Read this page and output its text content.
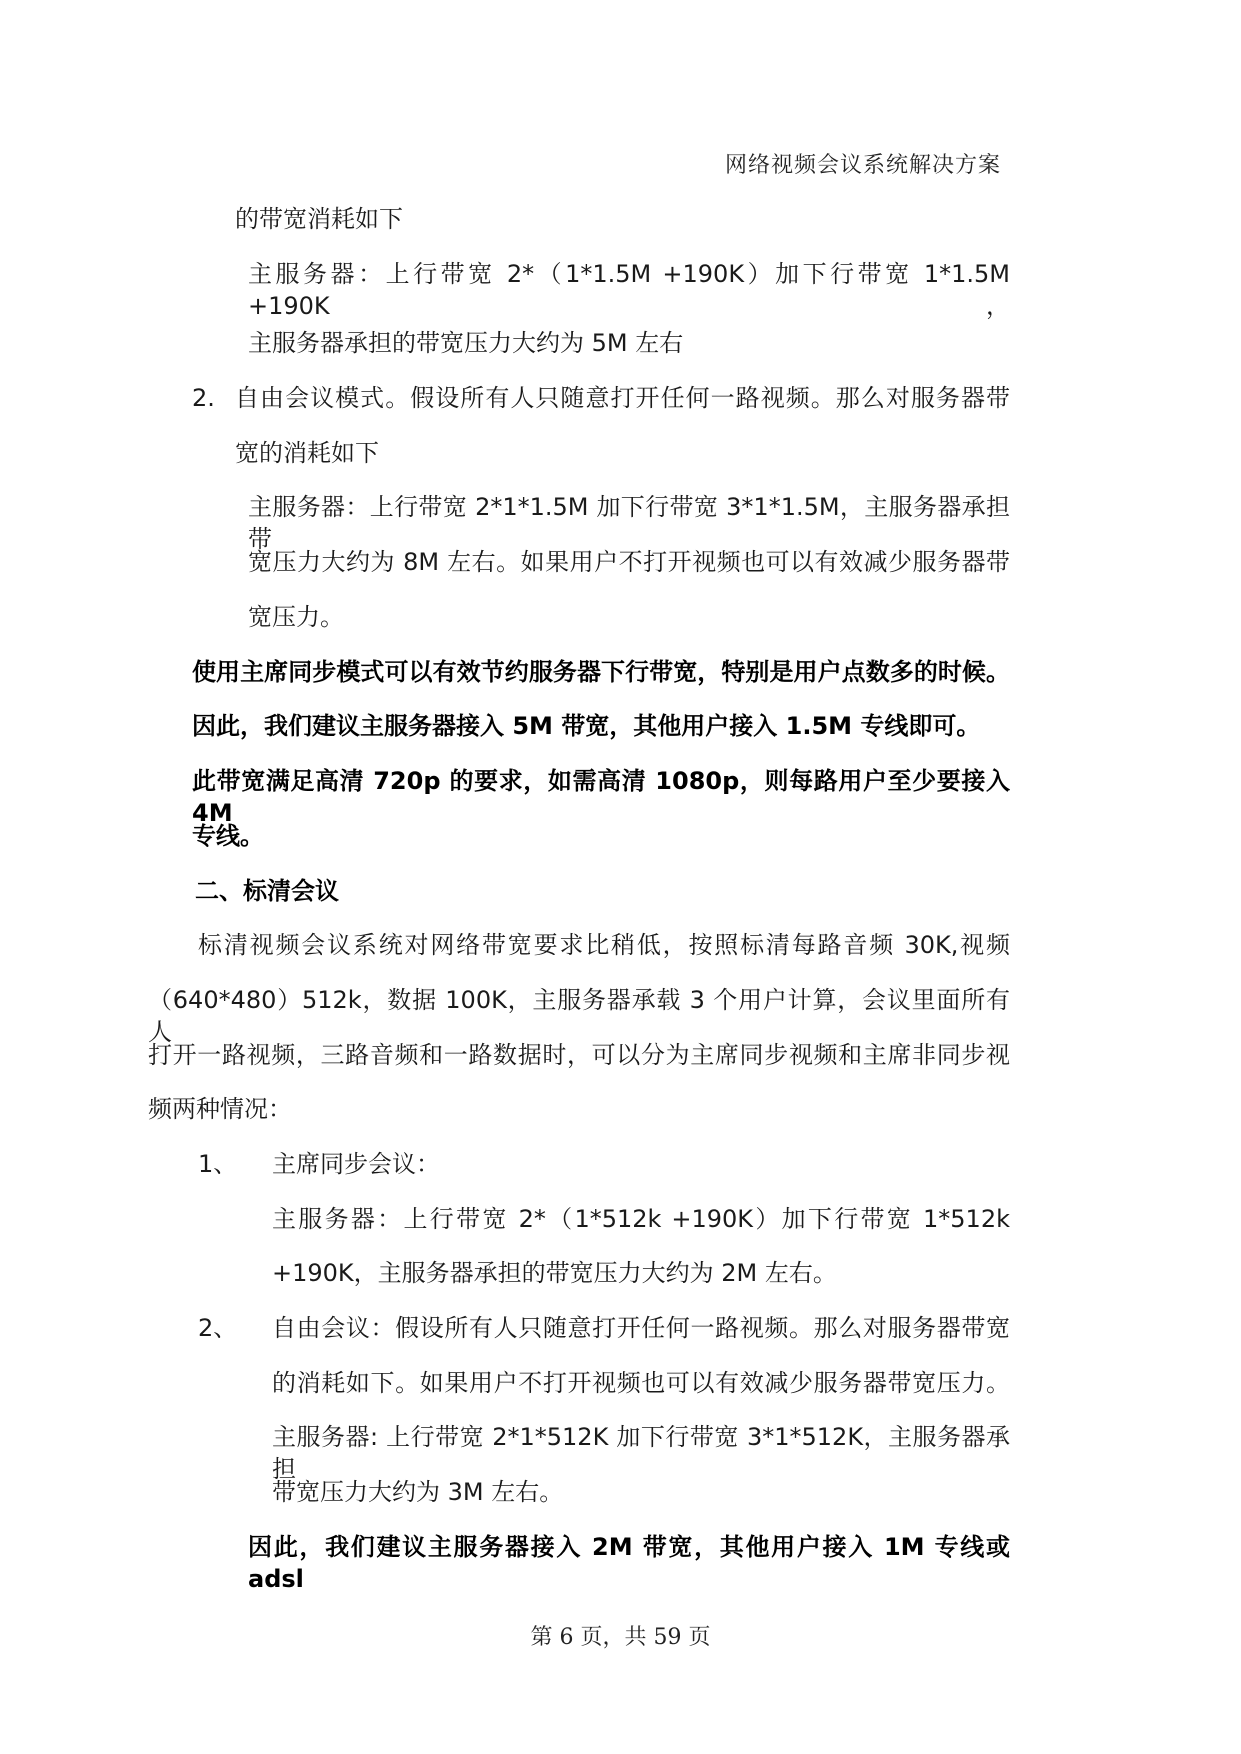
网络视频会议系统解决方案
的带宽消耗如下
主服务器：上行带宽 2*（1*1.5M +190K）加下行带宽 1*1.5M +190K，
主服务器承担的带宽压力大约为 5M 左右
2. 自由会议模式。假设所有人只随意打开任何一路视频。那么对服务器带
宽的消耗如下
主服务器：上行带宽 2*1*1.5M 加下行带宽 3*1*1.5M，主服务器承担带
宽压力大约为 8M 左右。如果用户不打开视频也可以有效减少服务器带
宽压力。
使用主席同步模式可以有效节约服务器下行带宽，特别是用户点数多的时候。
因此，我们建议主服务器接入 5M 带宽，其他用户接入 1.5M 专线即可。
此带宽满足高清 720p 的要求，如需高清 1080p，则每路用户至少要接入 4M
专线。
二、标清会议
标清视频会议系统对网络带宽要求比稍低，按照标清每路音频 30K,视频
（640*480）512k，数据 100K，主服务器承载 3 个用户计算，会议里面所有人
打开一路视频，三路音频和一路数据时，可以分为主席同步视频和主席非同步视
频两种情况：
1、 主席同步会议：
主服务器：上行带宽 2*（1*512k +190K）加下行带宽 1*512k
+190K，主服务器承担的带宽压力大约为 2M 左右。
2、 自由会议：假设所有人只随意打开任何一路视频。那么对服务器带宽
的消耗如下。如果用户不打开视频也可以有效减少服务器带宽压力。
主服务器: 上行带宽 2*1*512K 加下行带宽 3*1*512K，主服务器承担
带宽压力大约为 3M 左右。
因此，我们建议主服务器接入 2M 带宽，其他用户接入 1M 专线或 adsl
第 6 页，共 59 页
